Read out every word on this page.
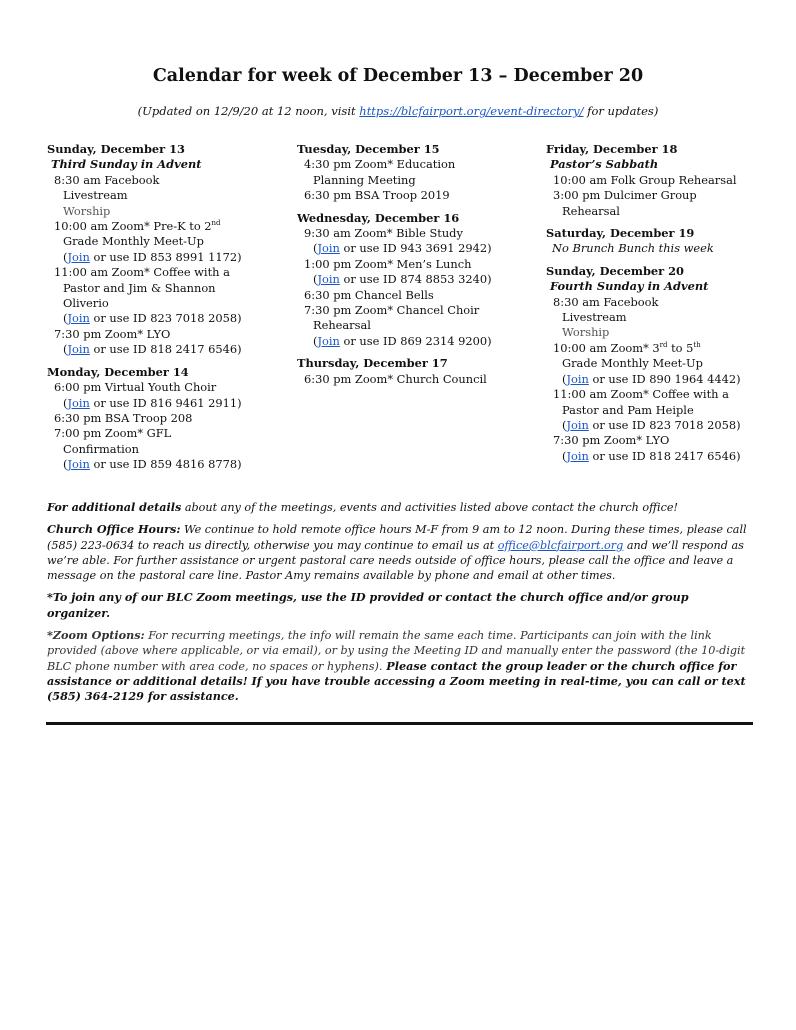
Calendar for week of December 13 – December 20
(Updated on 12/9/20 at 12 noon, visit https://blcfairport.org/event-directory/ for updates)
Sunday, December 13
Third Sunday in Advent
8:30 am Facebook
Livestream
Worship
10:00 am Zoom* Pre-K to 2nd
Grade Monthly Meet-Up
(Join or use ID 853 8991 1172)
11:00 am Zoom* Coffee with a
Pastor and Jim & Shannon
Oliverio
(Join or use ID 823 7018 2058)
7:30 pm Zoom* LYO
(Join or use ID 818 2417 6546)
Monday, December 14
6:00 pm Virtual Youth Choir
(Join or use ID 816 9461 2911)
6:30 pm BSA Troop 208
7:00 pm Zoom* GFL
Confirmation
(Join or use ID 859 4816 8778)
Tuesday, December 15
4:30 pm Zoom* Education
Planning Meeting
6:30 pm BSA Troop 2019
Wednesday, December 16
9:30 am Zoom* Bible Study
(Join or use ID 943 3691 2942)
1:00 pm Zoom* Men’s Lunch
(Join or use ID 874 8853 3240)
6:30 pm Chancel Bells
7:30 pm Zoom* Chancel Choir
Rehearsal
(Join or use ID 869 2314 9200)
Thursday, December 17
6:30 pm Zoom* Church Council
Friday, December 18
Pastor’s Sabbath
10:00 am Folk Group Rehearsal
3:00 pm Dulcimer Group
Rehearsal
Saturday, December 19
No Brunch Bunch this week
Sunday, December 20
Fourth Sunday in Advent
8:30 am Facebook
Livestream
Worship
10:00 am Zoom* 3rd to 5th
Grade Monthly Meet-Up
(Join or use ID 890 1964 4442)
11:00 am Zoom* Coffee with a
Pastor and Pam Heiple
(Join or use ID 823 7018 2058)
7:30 pm Zoom* LYO
(Join or use ID 818 2417 6546)

For additional details about any of the meetings, events and activities listed above contact the church office!

Church Office Hours: We continue to hold remote office hours M-F from 9 am to 12 noon. During these times, please call (585) 223-0634 to reach us directly, otherwise you may continue to email us at office@blcfairport.org and we’ll respond as we’re able. For further assistance or urgent pastoral care needs outside of office hours, please call the office and leave a message on the pastoral care line. Pastor Amy remains available by phone and email at other times.

*To join any of our BLC Zoom meetings, use the ID provided or contact the church office and/or group organizer.

*Zoom Options: For recurring meetings, the info will remain the same each time. Participants can join with the link provided (above where applicable, or via email), or by using the Meeting ID and manually enter the password (the 10-digit BLC phone number with area code, no spaces or hyphens). Please contact the group leader or the church office for assistance or additional details! If you have trouble accessing a Zoom meeting in real-time, you can call or text (585) 364-2129 for assistance.
